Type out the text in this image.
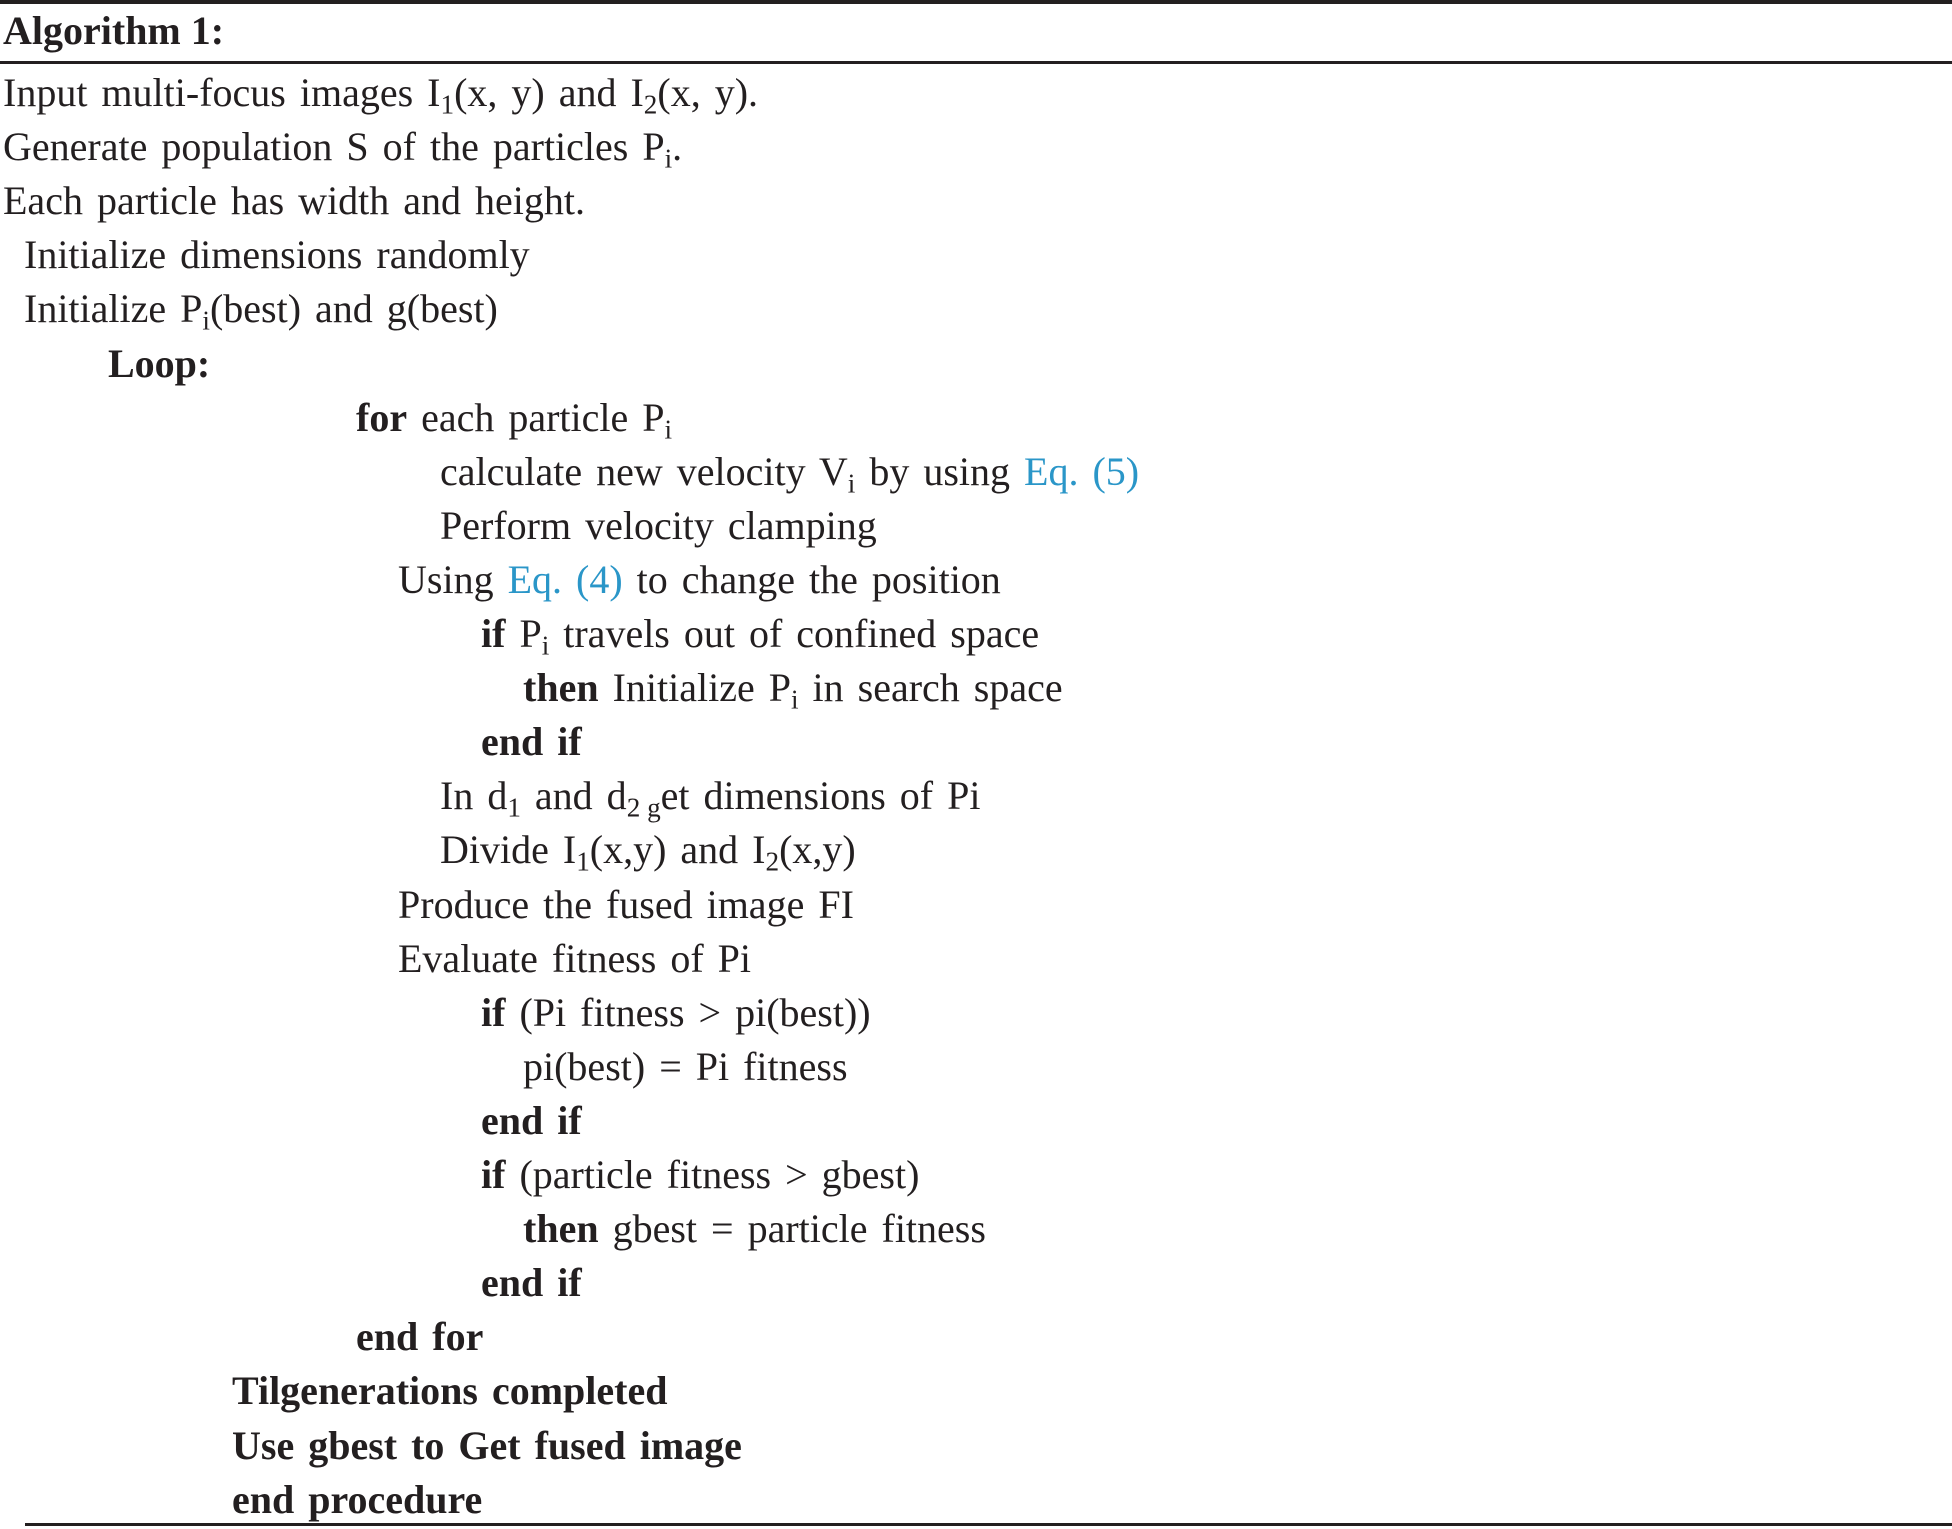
Algorithm 1:
Input multi-focus images $I_1(x$, y) and $I_2(x$, y).
Generate population S of the particles $P_i$.
Each particle has width and height.
Initialize dimensions randomly
Initialize $P_i(best)$ and g(best)
Loop:
for each particle $P_i$
calculate new velocity $V_i$ by using Eq. (5)
Perform velocity clamping
Using Eq. (4) to change the position
if $P_i$ travels out of confined space
then Initialize $P_i$ in search space
end if
In $d_1$ and $d_{2 g}et$ dimensions of Pi
Divide $I_1(x,y)$ and $I_2(x,y)$
Produce the fused image FI
Evaluate fitness of Pi
if (Pi fitness > pi(best))
pi(best) = Pi fitness
end if
if (particle fitness > gbest)
then gbest = particle fitness
end if
end for
Tilgenerations completed
Use gbest to Get fused image
end procedure
